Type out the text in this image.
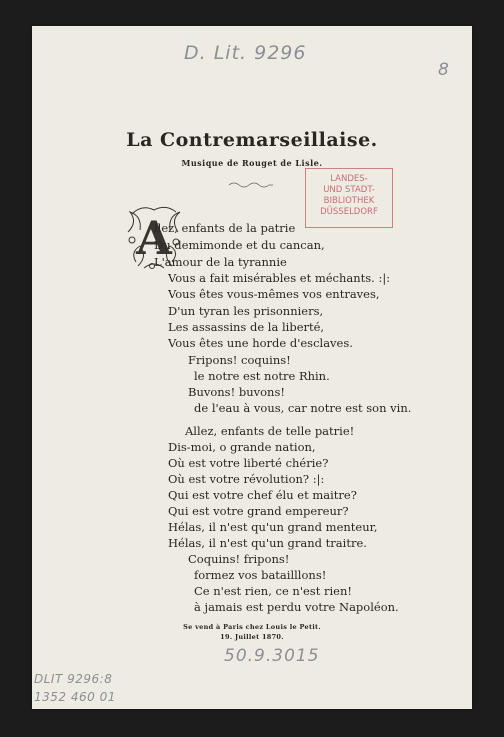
D. Lit. 9296
8
La Contremarseillaise.
Musique de Rouget de Lisle.
LANDES-
UND STADT-
BIBLIOTHEK
DÜSSELDORF
A
llez, enfants de la patrie
Du demimonde et du cancan,
L'amour de la tyrannie
Vous a fait misérables et méchants. :|:
Vous êtes vous-mêmes vos entraves,
D'un tyran les prisonniers,
Les assassins de la liberté,
Vous êtes une horde d'esclaves.
Fripons! coquins!
le notre est notre Rhin.
Buvons! buvons!
de l'eau à vous, car notre est son vin.
Allez, enfants de telle patrie!
Dis-moi, o grande nation,
Où est votre liberté chérie?
Où est votre révolution? :|:
Qui est votre chef élu et maitre?
Qui est votre grand empereur?
Hélas, il n'est qu'un grand menteur,
Hélas, il n'est qu'un grand traitre.
Coquins! fripons!
formez vos batailllons!
Ce n'est rien, ce n'est rien!
à jamais est perdu votre Napoléon.
Se vend à Paris chez Louis le Petit.
19. Juillet 1870.
50.9.3015
DLIT 9296:8
1352 460 01
